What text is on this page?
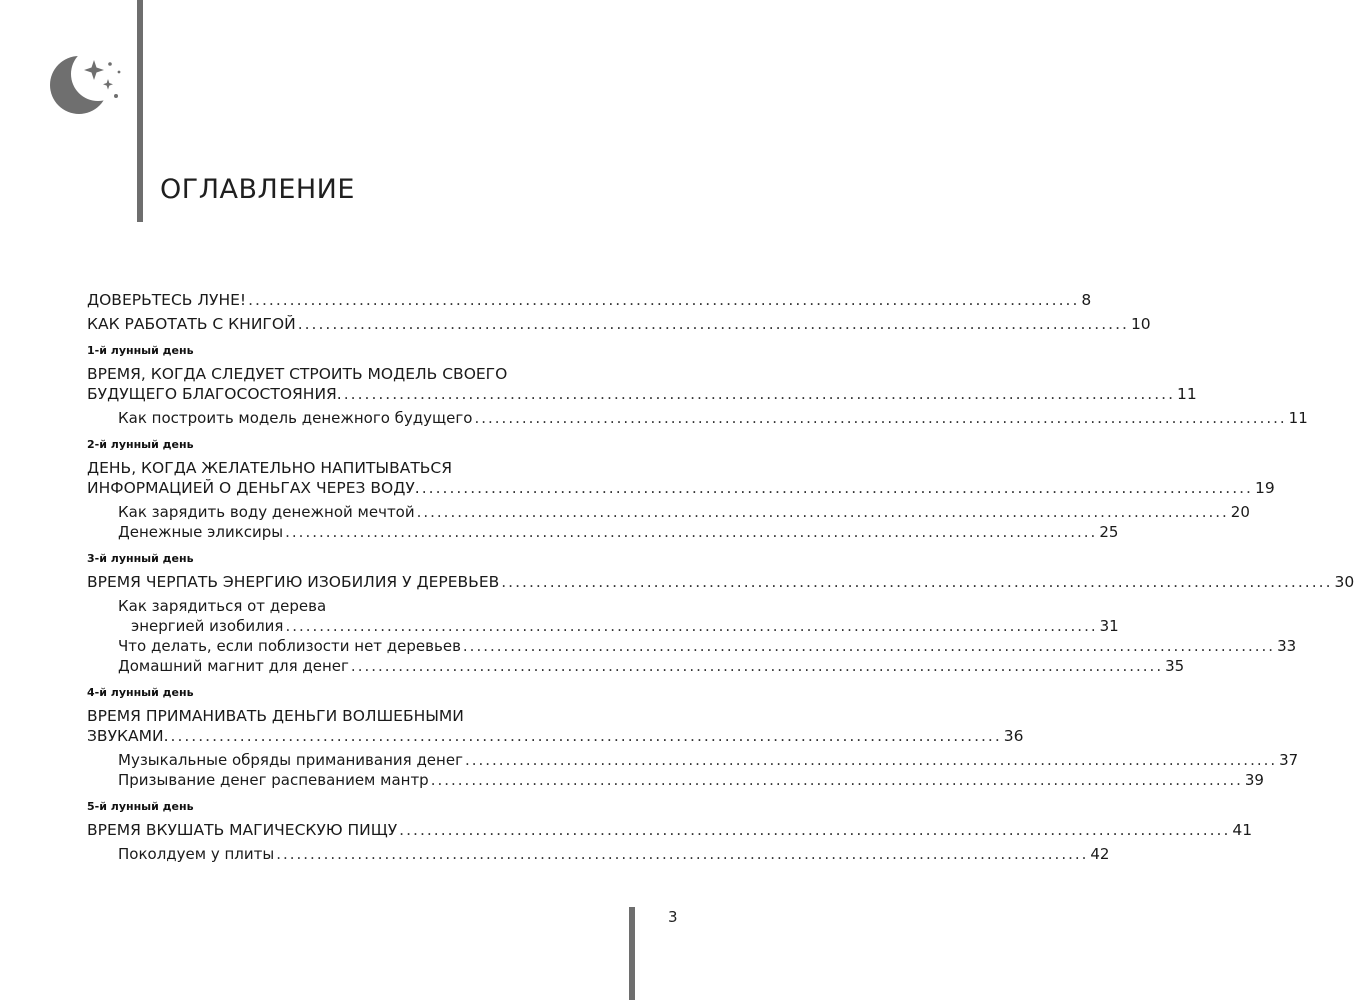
ОГЛАВЛЕНИЕ
ДОВЕРЬТЕСЬ ЛУНЕ! ........................................................................................................................ 8
КАК РАБОТАТЬ С КНИГОЙ ........................................................................................................................ 10
1-й лунный день
ВРЕМЯ, КОГДА СЛЕДУЕТ СТРОИТЬ МОДЕЛЬ СВОЕГО
БУДУЩЕГО БЛАГОСОСТОЯНИЯ. ........................................................................................................................ 11
Как построить модель денежного будущего ........................................................................................................................ 11
2-й лунный день
ДЕНЬ, КОГДА ЖЕЛАТЕЛЬНО НАПИТЫВАТЬСЯ
ИНФОРМАЦИЕЙ О ДЕНЬГАХ ЧЕРЕЗ ВОДУ. ........................................................................................................................ 19
Как зарядить воду денежной мечтой ........................................................................................................................ 20
Денежные эликсиры ........................................................................................................................ 25
3-й лунный день
ВРЕМЯ ЧЕРПАТЬ ЭНЕРГИЮ ИЗОБИЛИЯ У ДЕРЕВЬЕВ ........................................................................................................................ 30
Как зарядиться от дерева
энергией изобилия ........................................................................................................................ 31
Что делать, если поблизости нет деревьев ........................................................................................................................ 33
Домашний магнит для денег ........................................................................................................................ 35
4-й лунный день
ВРЕМЯ ПРИМАНИВАТЬ ДЕНЬГИ ВОЛШЕБНЫМИ
ЗВУКАМИ. ........................................................................................................................ 36
Музыкальные обряды приманивания денег ........................................................................................................................ 37
Призывание денег распеванием мантр ........................................................................................................................ 39
5-й лунный день
ВРЕМЯ ВКУШАТЬ МАГИЧЕСКУЮ ПИЩУ ........................................................................................................................ 41
Поколдуем у плиты ........................................................................................................................ 42
3
